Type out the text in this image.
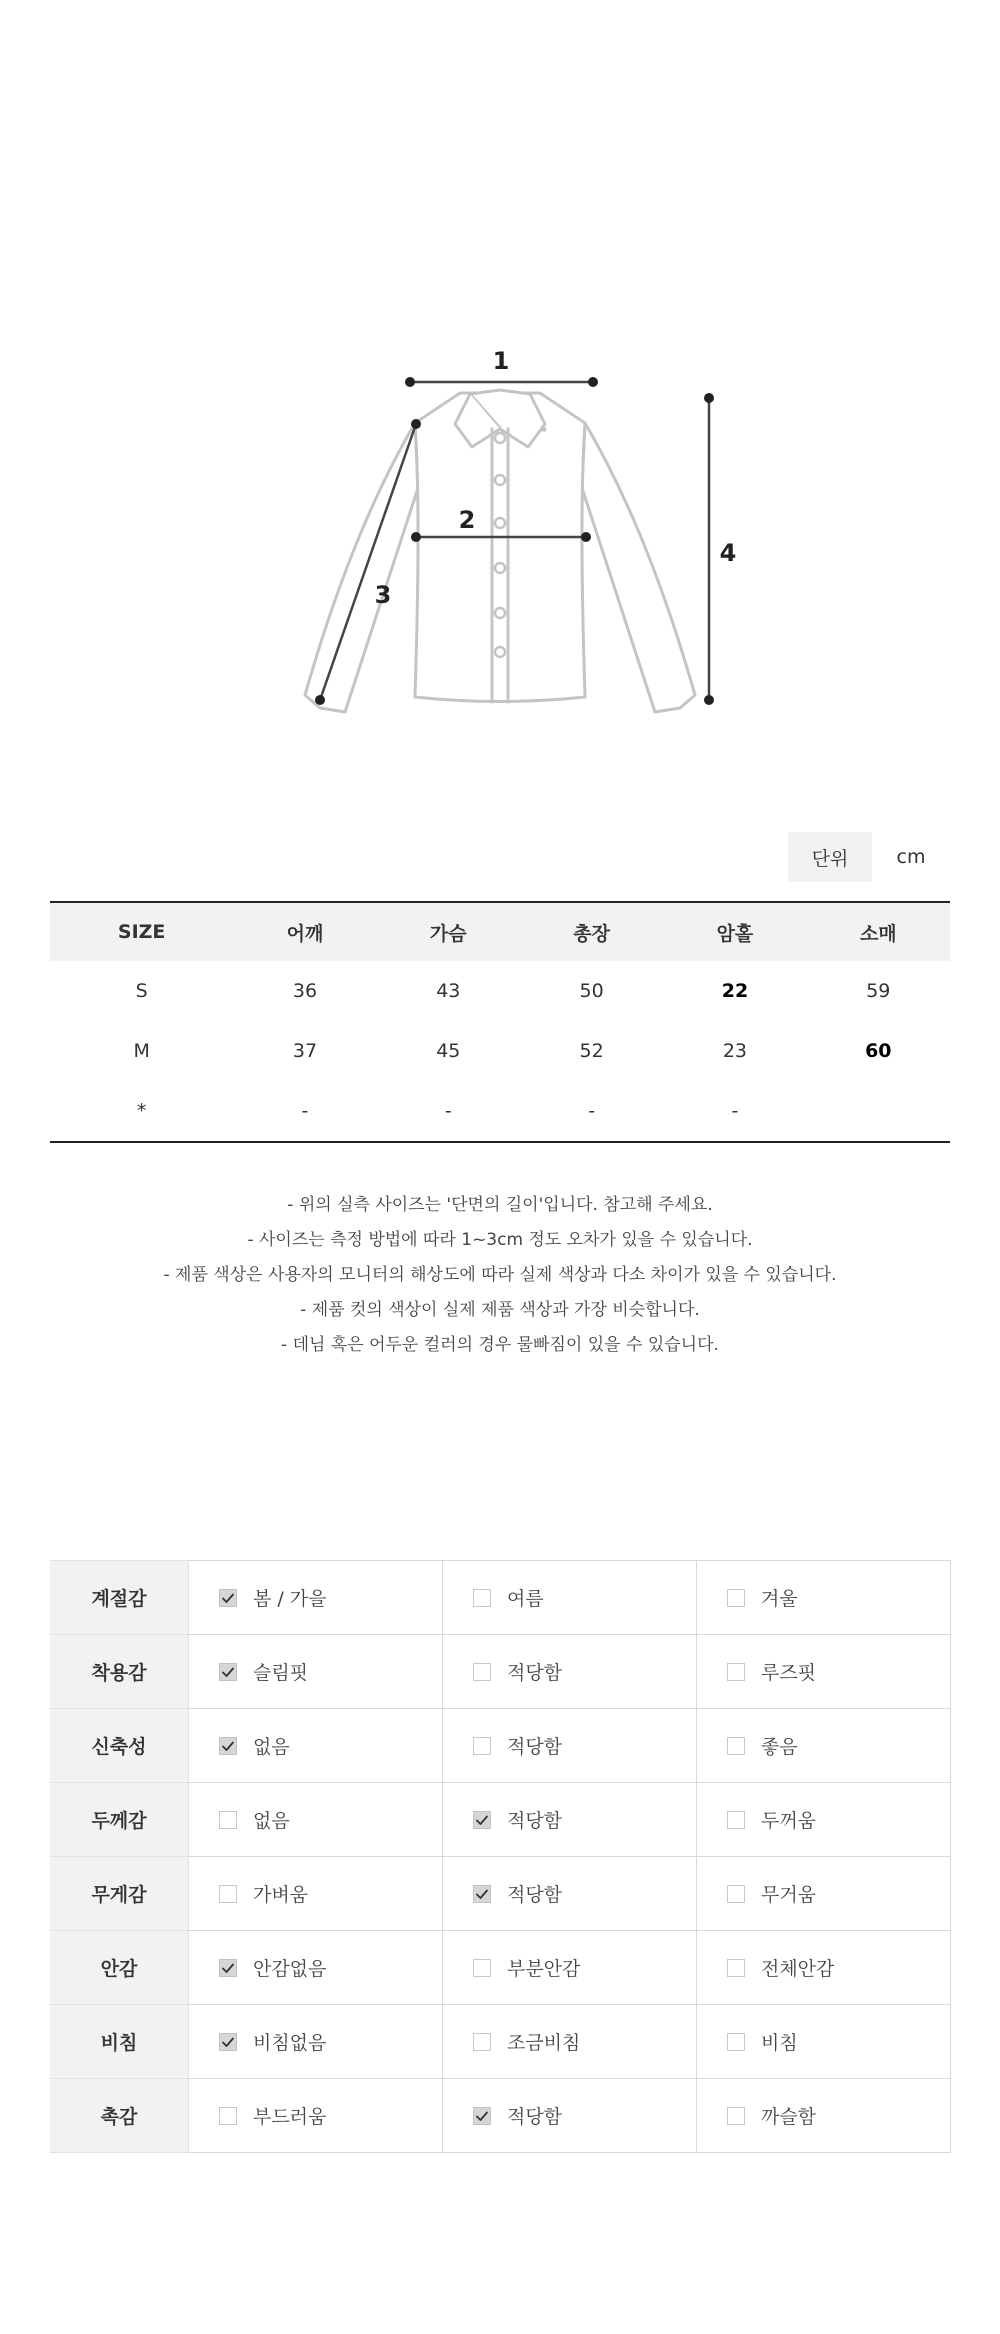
1
2
3
4
단위	cm
SIZE	어깨	가슴	총장	암홀	소매
S	36	43	50	22	59
M	37	45	52	23	60
*	-	-	-	-	

- 위의 실측 사이즈는 '단면의 길이'입니다. 참고해 주세요.

- 사이즈는 측정 방법에 따라 1~3cm 정도 오차가 있을 수 있습니다.

- 제품 색상은 사용자의 모니터의 해상도에 따라 실제 색상과 다소 차이가 있을 수 있습니다.

- 제품 컷의 색상이 실제 제품 색상과 가장 비슷합니다.

- 데님 혹은 어두운 컬러의 경우 물빠짐이 있을 수 있습니다.

계절감	봄 / 가을	여름	겨울

착용감	슬림핏	적당함	루즈핏

신축성	없음	적당함	좋음

두께감	없음	적당함	두꺼움

무게감	가벼움	적당함	무거움

안감	안감없음	부분안감	전체안감

비침	비침없음	조금비침	비침

촉감	부드러움	적당함	까슬함
